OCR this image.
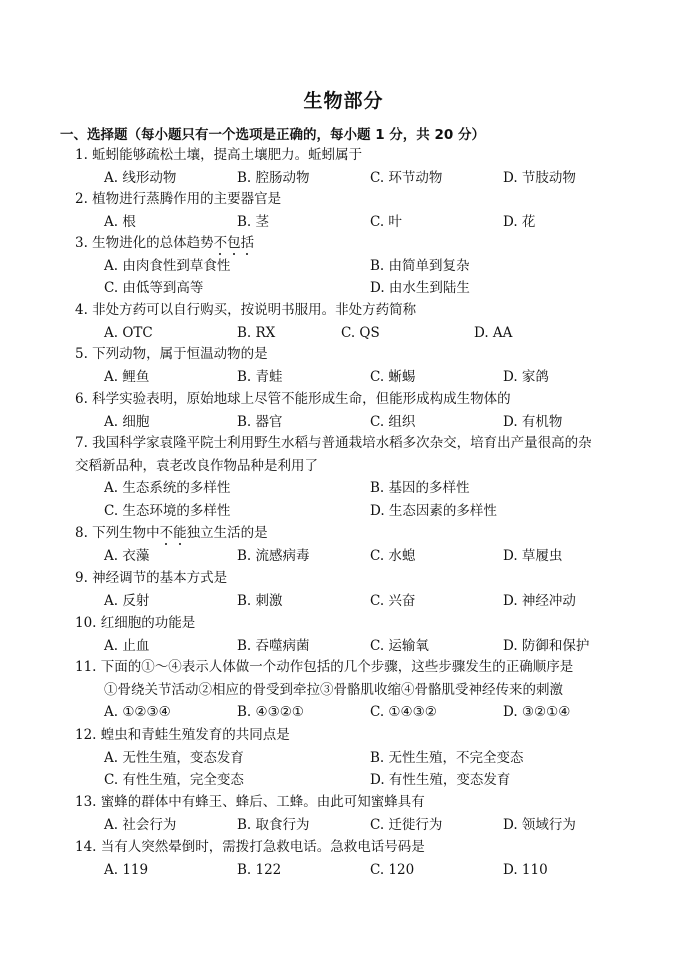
生物部分
一、选择题（每小题只有一个选项是正确的，每小题 1 分，共 20 分）
1. 蚯蚓能够疏松土壤，提高土壤肥力。蚯蚓属于
A. 线形动物	B. 腔肠动物	C. 环节动物	D. 节肢动物
2. 植物进行蒸腾作用的主要器官是
A. 根	B. 茎	C. 叶	D. 花
3. 生物进化的总体趋势不包括
A. 由肉食性到草食性	B. 由简单到复杂
C. 由低等到高等	D. 由水生到陆生
4. 非处方药可以自行购买，按说明书服用。非处方药简称
A. OTC	B. RX	C. QS	D. AA
5. 下列动物，属于恒温动物的是
A. 鲤鱼	B. 青蛙	C. 蜥蜴	D. 家鸽
6. 科学实验表明，原始地球上尽管不能形成生命，但能形成构成生物体的
A. 细胞	B. 器官	C. 组织	D. 有机物
7. 我国科学家袁隆平院士利用野生水稻与普通栽培水稻多次杂交，培育出产量很高的杂
交稻新品种，袁老改良作物品种是利用了
A. 生态系统的多样性	B. 基因的多样性
C. 生态环境的多样性	D. 生态因素的多样性
8. 下列生物中不能独立生活的是
A. 衣藻	B. 流感病毒	C. 水螅	D. 草履虫
9. 神经调节的基本方式是
A. 反射	B. 刺激	C. 兴奋	D. 神经冲动
10. 红细胞的功能是
A. 止血	B. 吞噬病菌	C. 运输氧	D. 防御和保护
11. 下面的①～④表示人体做一个动作包括的几个步骤，这些步骤发生的正确顺序是
①骨绕关节活动②相应的骨受到牵拉③骨骼肌收缩④骨骼肌受神经传来的刺激
A. ①②③④	B. ④③②①	C. ①④③②	D. ③②①④
12. 蝗虫和青蛙生殖发育的共同点是
A. 无性生殖，变态发育	B. 无性生殖，不完全变态
C. 有性生殖，完全变态	D. 有性生殖，变态发育
13. 蜜蜂的群体中有蜂王、蜂后、工蜂。由此可知蜜蜂具有
A. 社会行为	B. 取食行为	C. 迁徙行为	D. 领域行为
14. 当有人突然晕倒时，需拨打急救电话。急救电话号码是
A. 119	B. 122	C. 120	D. 110
